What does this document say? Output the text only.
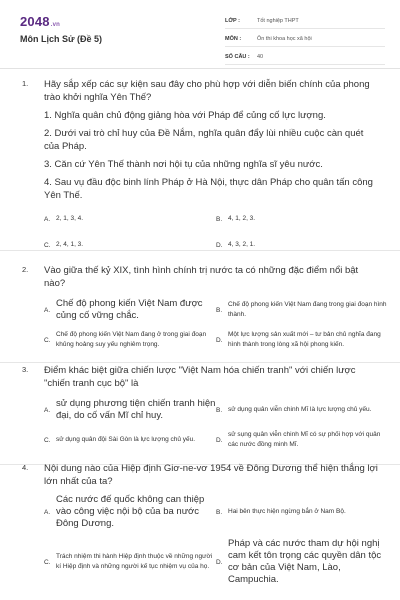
2048.vn
Môn Lịch Sử (Đề 5)
LỚP :	Tốt nghiệp THPT
MÔN :	Ôn thi khoa học xã hội
SỐ CÂU :	40
1. Hãy sắp xếp các sự kiện sau đây cho phù hợp với diễn biến chính của phong trào khởi nghĩa Yên Thế?
1. Nghĩa quân chủ động giảng hòa với Pháp để củng cố lực lượng.
2. Dưới vai trò chỉ huy của Đề Nắm, nghĩa quân đẩy lùi nhiều cuộc càn quét của Pháp.
3. Căn cứ Yên Thế thành nơi hội tụ của những nghĩa sĩ yêu nước.
4. Sau vụ đầu độc binh lính Pháp ở Hà Nội, thực dân Pháp cho quân tấn công Yên Thế.
A. 2, 1, 3, 4.	B. 4, 1, 2, 3.
C. 2, 4, 1, 3.	D. 4, 3, 2, 1.
2. Vào giữa thế kỷ XIX, tình hình chính trị nước ta có những đặc điểm nổi bật nào?
A.
Chế độ phong kiến Việt Nam được củng cố vững chắc.	B.
Chế độ phong kiến Việt Nam đang trong giai đoạn hình thành.
C.
Chế độ phong kiến Việt Nam đang ở trong giai đoạn khủng hoảng suy yếu nghiêm trọng.
D.
Một lực lượng sản xuất mới – tư bản chủ nghĩa đang hình thành trong lòng xã hội phong kiến.
3. Điểm khác biệt giữa chiến lược "Việt Nam hóa chiến tranh" với chiến lược "chiến tranh cục bộ" là
A.
sử dụng phương tiện chiến tranh hiện đại, do cố vấn Mĩ chỉ huy.	B. sử dụng quân viễn chinh Mĩ là lực lượng chủ yếu.
C. sử dụng quân đội Sài Gòn là lực lượng chủ yếu.	D.
sử sụng quân viễn chinh Mĩ có sự phối hợp với quân các nước đồng minh Mĩ.
4. Nội dung nào của Hiệp định Giơ-ne-vơ 1954 về Đông Dương thể hiện thắng lợi lớn nhất của ta?
A.
Các nước đế quốc không can thiệp vào công việc nội bộ của ba nước Đông Dương.
B. Hai bên thực hiện ngừng bắn ở Nam Bộ.
C.
Trách nhiệm thi hành Hiệp định thuộc về những người kí Hiệp định và những người kế tục nhiệm vụ của họ.
D.
Pháp và các nước tham dự hội nghị cam kết tôn trọng các quyền dân tộc cơ bản của Việt Nam, Lào, Campuchia.
